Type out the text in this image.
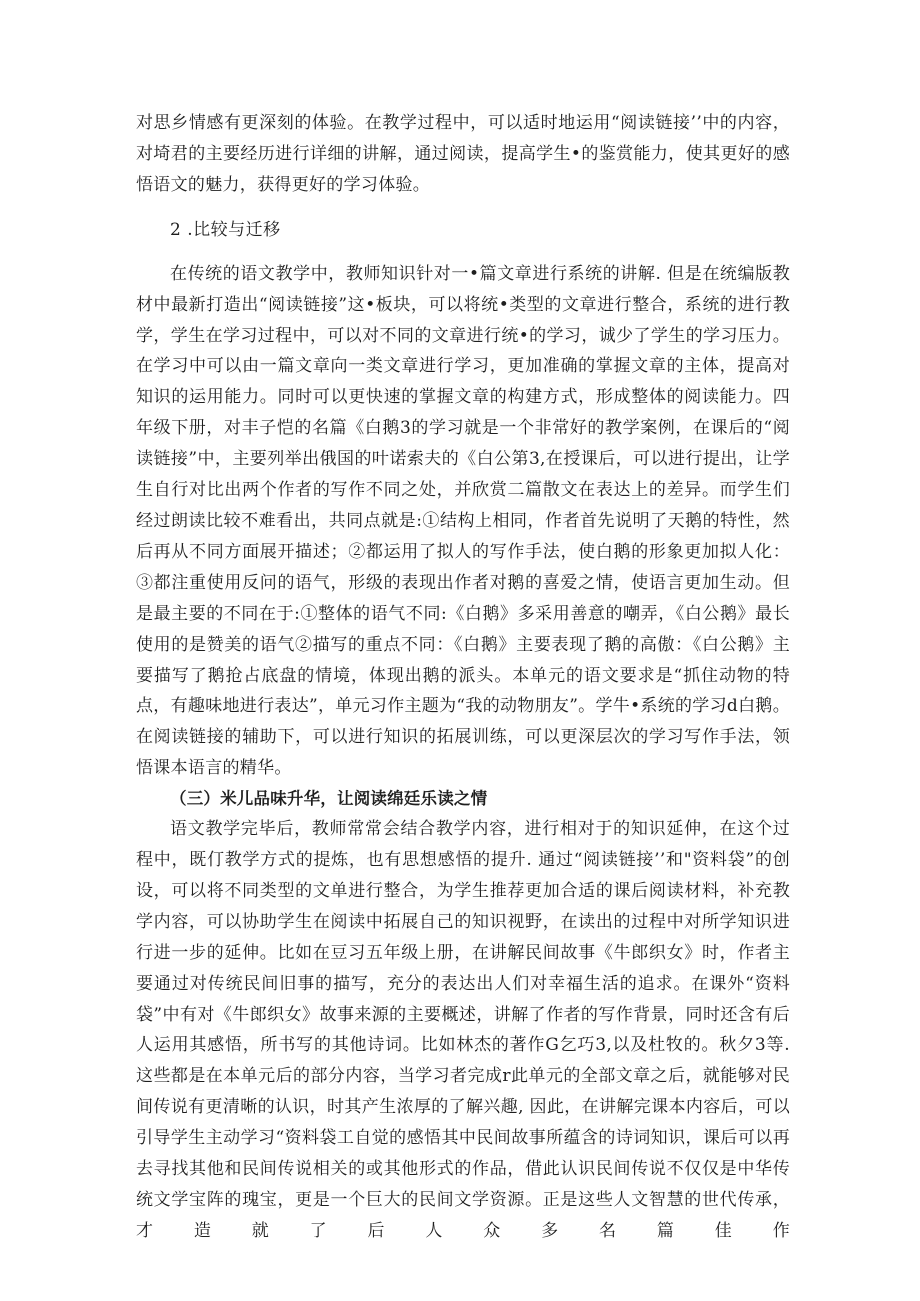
对思乡情感有更深刻的体验。在教学过程中，可以适时地运用“阅读链接’’中的内容，对埼君的主要经历进行详细的讲解，通过阅读，提高学生•的鉴赏能力，使其更好的感悟语文的魅力，获得更好的学习体验。

2 .比较与迁移

在传统的语文教学中，教师知识针对一•篇文章进行系统的讲解. 但是在统编版教材中最新打造出“阅读链接”这•板块，可以将统•类型的文章进行整合，系统的进行教学，学生在学习过程中，可以对不同的文章进行统•的学习，诚少了学生的学习压力。在学习中可以由一篇文章向一类文章进行学习，更加准确的掌握文章的主体，提高对知识的运用能力。同时可以更快速的掌握文章的构建方式，形成整体的阅读能力。四年级下册，对丰子恺的名篇《白鹅3的学习就是一个非常好的教学案例，在课后的“阅读链接”中，主要列举出俄国的叶诺索夫的《白公第3,在授课后，可以进行提出，让学生自行对比出两个作者的写作不同之处，并欣赏二篇散文在表达上的差异。而学生们经过朗读比较不难看出，共同点就是:①结构上相同，作者首先说明了天鹅的特性，然后再从不同方面展开描述；②都运用了拟人的写作手法，使白鹅的形象更加拟人化：③都注重使用反问的语气，形级的表现出作者对鹅的喜爱之情，使语言更加生动。但是最主要的不同在于:①整体的语气不同:《白鹅》多采用善意的嘲弄，《白公鹅》最长使用的是赞美的语气②描写的重点不同：《白鹅》主要表现了鹅的高傲：《白公鹅》主要描写了鹅抢占底盘的情境，体现出鹅的派头。本单元的语文要求是“抓住动物的特点，有趣味地进行表达”，单元习作主题为“我的动物朋友”。学牛•系统的学习d白鹅。在阅读链接的辅助下，可以进行知识的拓展训练，可以更深层次的学习写作手法，领悟课本语言的精华。

（三）米儿品味升华，让阅读绵廷乐读之情

语文教学完毕后，教师常常会结合教学内容，进行相对于的知识延伸，在这个过程中，既仃教学方式的提炼，也有思想感悟的提升. 通过“阅读链接’’和"资料袋”的创设，可以将不同类型的文单进行整合，为学生推荐更加合适的课后阅读材料，补充教学内容，可以协助学生在阅读中拓展自己的知识视野，在读出的过程中对所学知识进行进一步的延伸。比如在豆习五年级上册，在讲解民间故事《牛郎织女》时，作者主要通过对传统民间旧事的描写，充分的表达出人们对幸福生活的追求。在课外“资料袋”中有对《牛郎织女》故事来源的主要概述，讲解了作者的写作背景，同时还含有后人运用其感悟，所书写的其他诗词。比如林杰的著作G乞巧3,以及杜牧的。秋夕3等. 这些都是在本单元后的部分内容，当学习者完成r此单元的全部文章之后，就能够对民间传说有更清晰的认识，时其产生浓厚的了解兴趣, 因此，在讲解完课本内容后，可以引导学生主动学习“资料袋工自觉的感悟其中民间故事所蕴含的诗词知识，课后可以再去寻找其他和民间传说相关的或其他形式的作品，借此认识民间传说不仅仅是中华传统文学宝阵的瑰宝，更是一个巨大的民间文学资源。正是这些人文智慧的世代传承，才造就了后人众多名篇佳作
